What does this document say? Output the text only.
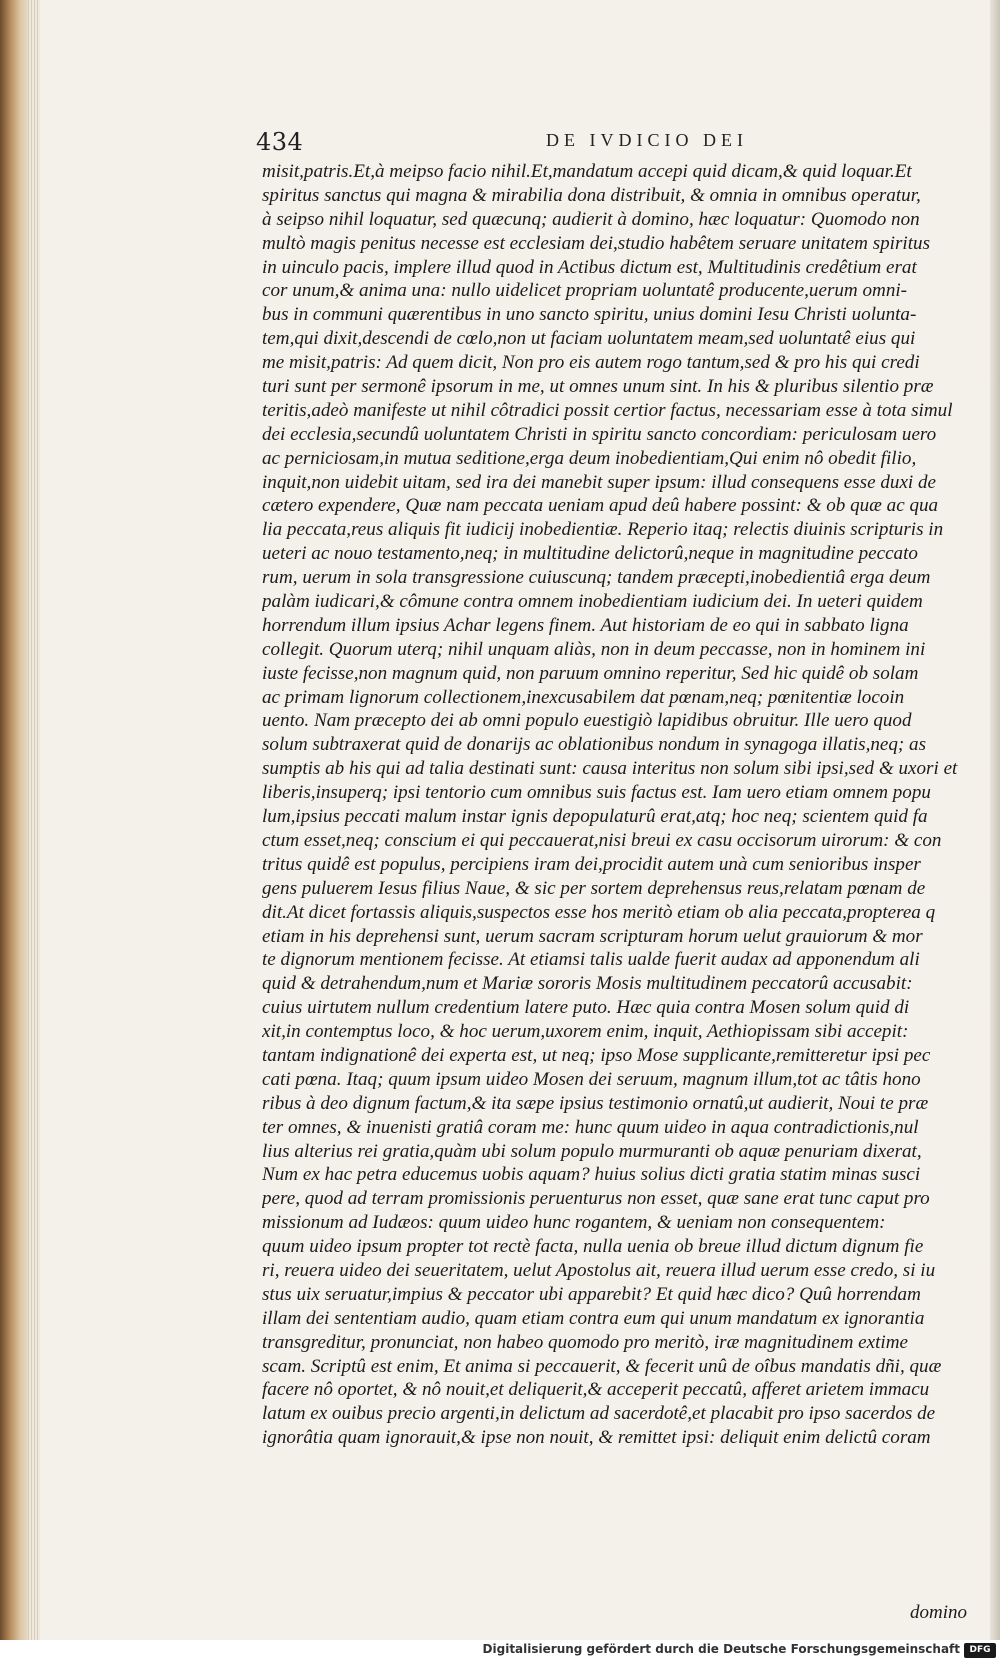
434	DE IVDICIO DEI
misit,patris.Et,à meipso facio nihil.Et,mandatum accepi quid dicam,& quid loquar.Et
spiritus sanctus qui magna & mirabilia dona distribuit, & omnia in omnibus operatur,
à seipso nihil loquatur, sed quæcunq; audierit à domino, hæc loquatur: Quomodo non
multò magis penitus necesse est ecclesiam dei,studio habêtem seruare unitatem spiritus
in uinculo pacis, implere illud quod in Actibus dictum est, Multitudinis credêtium erat
cor unum,& anima una: nullo uidelicet propriam uoluntatê producente,uerum omni-
bus in communi quærentibus in uno sancto spiritu, unius domini Iesu Christi uolunta-
tem,qui dixit,descendi de cœlo,non ut faciam uoluntatem meam,sed uoluntatê eius qui
me misit,patris: Ad quem dicit, Non pro eis autem rogo tantum,sed & pro his qui credi
turi sunt per sermonê ipsorum in me, ut omnes unum sint. In his & pluribus silentio præ
teritis,adeò manifeste ut nihil côtradici possit certior factus, necessariam esse à tota simul
dei ecclesia,secundû uoluntatem Christi in spiritu sancto concordiam: periculosam uero
ac perniciosam,in mutua seditione,erga deum inobedientiam,Qui enim nô obedit filio,
inquit,non uidebit uitam, sed ira dei manebit super ipsum: illud consequens esse duxi de
cætero expendere, Quæ nam peccata ueniam apud deû habere possint: & ob quæ ac qua
lia peccata,reus aliquis fit iudicij inobedientiæ. Reperio itaq; relectis diuinis scripturis in
ueteri ac nouo testamento,neq; in multitudine delictorû,neque in magnitudine peccato
rum, uerum in sola transgressione cuiuscunq; tandem præcepti,inobedientiâ erga deum
palàm iudicari,& cômune contra omnem inobedientiam iudicium dei. In ueteri quidem
horrendum illum ipsius Achar legens finem. Aut historiam de eo qui in sabbato ligna
collegit. Quorum uterq; nihil unquam aliàs, non in deum peccasse, non in hominem ini
iuste fecisse,non magnum quid, non paruum omnino reperitur, Sed hic quidê ob solam
ac primam lignorum collectionem,inexcusabilem dat pœnam,neq; pœnitentiæ locoin
uento. Nam præcepto dei ab omni populo euestigiò lapidibus obruitur. Ille uero quod
solum subtraxerat quid de donarijs ac oblationibus nondum in synagoga illatis,neq; as
sumptis ab his qui ad talia destinati sunt: causa interitus non solum sibi ipsi,sed & uxori et
liberis,insuperq; ipsi tentorio cum omnibus suis factus est. Iam uero etiam omnem popu
lum,ipsius peccati malum instar ignis depopulaturû erat,atq; hoc neq; scientem quid fa
ctum esset,neq; conscium ei qui peccauerat,nisi breui ex casu occisorum uirorum: & con
tritus quidê est populus, percipiens iram dei,procidit autem unà cum senioribus insper
gens puluerem Iesus filius Naue, & sic per sortem deprehensus reus,relatam pœnam de
dit.At dicet fortassis aliquis,suspectos esse hos meritò etiam ob alia peccata,propterea q
etiam in his deprehensi sunt, uerum sacram scripturam horum uelut grauiorum & mor
te dignorum mentionem fecisse. At etiamsi talis ualde fuerit audax ad apponendum ali
quid & detrahendum,num et Mariæ sororis Mosis multitudinem peccatorû accusabit:
cuius uirtutem nullum credentium latere puto. Hæc quia contra Mosen solum quid di
xit,in contemptus loco, & hoc uerum,uxorem enim, inquit, Aethiopissam sibi accepit:
tantam indignationê dei experta est, ut neq; ipso Mose supplicante,remitteretur ipsi pec
cati pœna. Itaq; quum ipsum uideo Mosen dei seruum, magnum illum,tot ac tâtis hono
ribus à deo dignum factum,& ita sæpe ipsius testimonio ornatû,ut audierit, Noui te præ
ter omnes, & inuenisti gratiâ coram me: hunc quum uideo in aqua contradictionis,nul
lius alterius rei gratia,quàm ubi solum populo murmuranti ob aquæ penuriam dixerat,
Num ex hac petra educemus uobis aquam? huius solius dicti gratia statim minas susci
pere, quod ad terram promissionis peruenturus non esset, quæ sane erat tunc caput pro
missionum ad Iudæos: quum uideo hunc rogantem, & ueniam non consequentem:
quum uideo ipsum propter tot rectè facta, nulla uenia ob breue illud dictum dignum fie
ri, reuera uideo dei seueritatem, uelut Apostolus ait, reuera illud uerum esse credo, si iu
stus uix seruatur,impius & peccator ubi apparebit? Et quid hæc dico? Quû horrendam
illam dei sententiam audio, quam etiam contra eum qui unum mandatum ex ignorantia
transgreditur, pronunciat, non habeo quomodo pro meritò, iræ magnitudinem extime
scam. Scriptû est enim, Et anima si peccauerit, & fecerit unû de oîbus mandatis dñi, quæ
facere nô oportet, & nô nouit,et deliquerit,& acceperit peccatû, afferet arietem immacu
latum ex ouibus precio argenti,in delictum ad sacerdotê,et placabit pro ipso sacerdos de
ignorâtia quam ignorauit,& ipse non nouit, & remittet ipsi: deliquit enim delictû coram
domino
Digitalisierung gefördert durch die Deutsche Forschungsgemeinschaft	DFG
